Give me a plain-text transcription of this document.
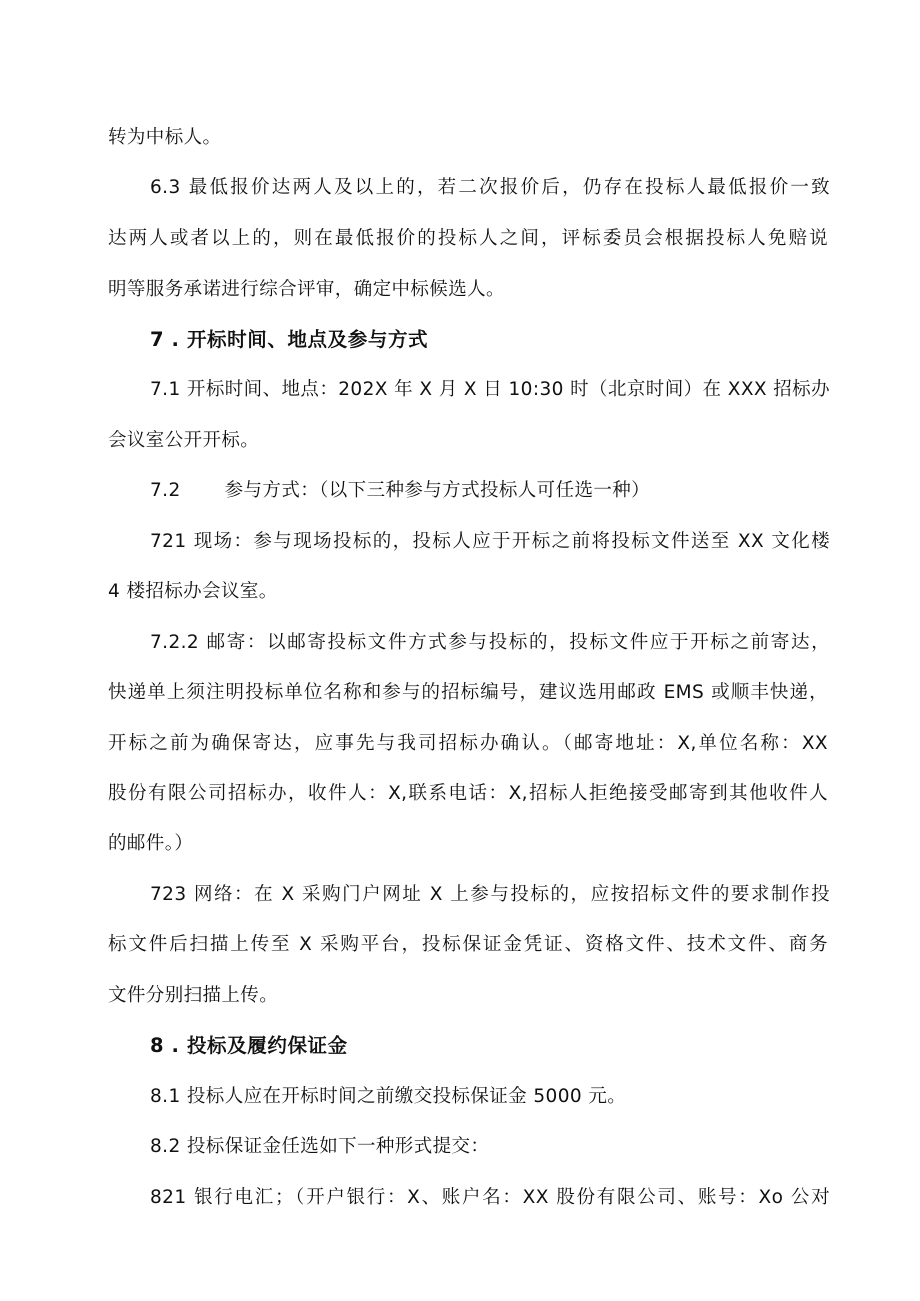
转为中标人。
6.3 最低报价达两人及以上的，若二次报价后，仍存在投标人最低报价一致
达两人或者以上的，则在最低报价的投标人之间，评标委员会根据投标人免赔说
明等服务承诺进行综合评审，确定中标候选人。
7 . 开标时间、地点及参与方式
7.1 开标时间、地点：202X 年 X 月 X 日 10:30 时（北京时间）在 XXX 招标办
会议室公开开标。
7.2 参与方式：（以下三种参与方式投标人可任选一种）
721 现场：参与现场投标的，投标人应于开标之前将投标文件送至 XX 文化楼
4 楼招标办会议室。
7.2.2 邮寄：以邮寄投标文件方式参与投标的，投标文件应于开标之前寄达，
快递单上须注明投标单位名称和参与的招标编号，建议选用邮政 EMS 或顺丰快递，
开标之前为确保寄达，应事先与我司招标办确认。（邮寄地址：X,单位名称：XX
股份有限公司招标办，收件人：X,联系电话：X,招标人拒绝接受邮寄到其他收件人
的邮件。）
723 网络：在 X 采购门户网址 X 上参与投标的，应按招标文件的要求制作投
标文件后扫描上传至 X 采购平台，投标保证金凭证、资格文件、技术文件、商务
文件分别扫描上传。
8 . 投标及履约保证金
8.1 投标人应在开标时间之前缴交投标保证金 5000 元。
8.2 投标保证金任选如下一种形式提交：
821 银行电汇；（开户银行：X、账户名：XX 股份有限公司、账号：Xo 公对
